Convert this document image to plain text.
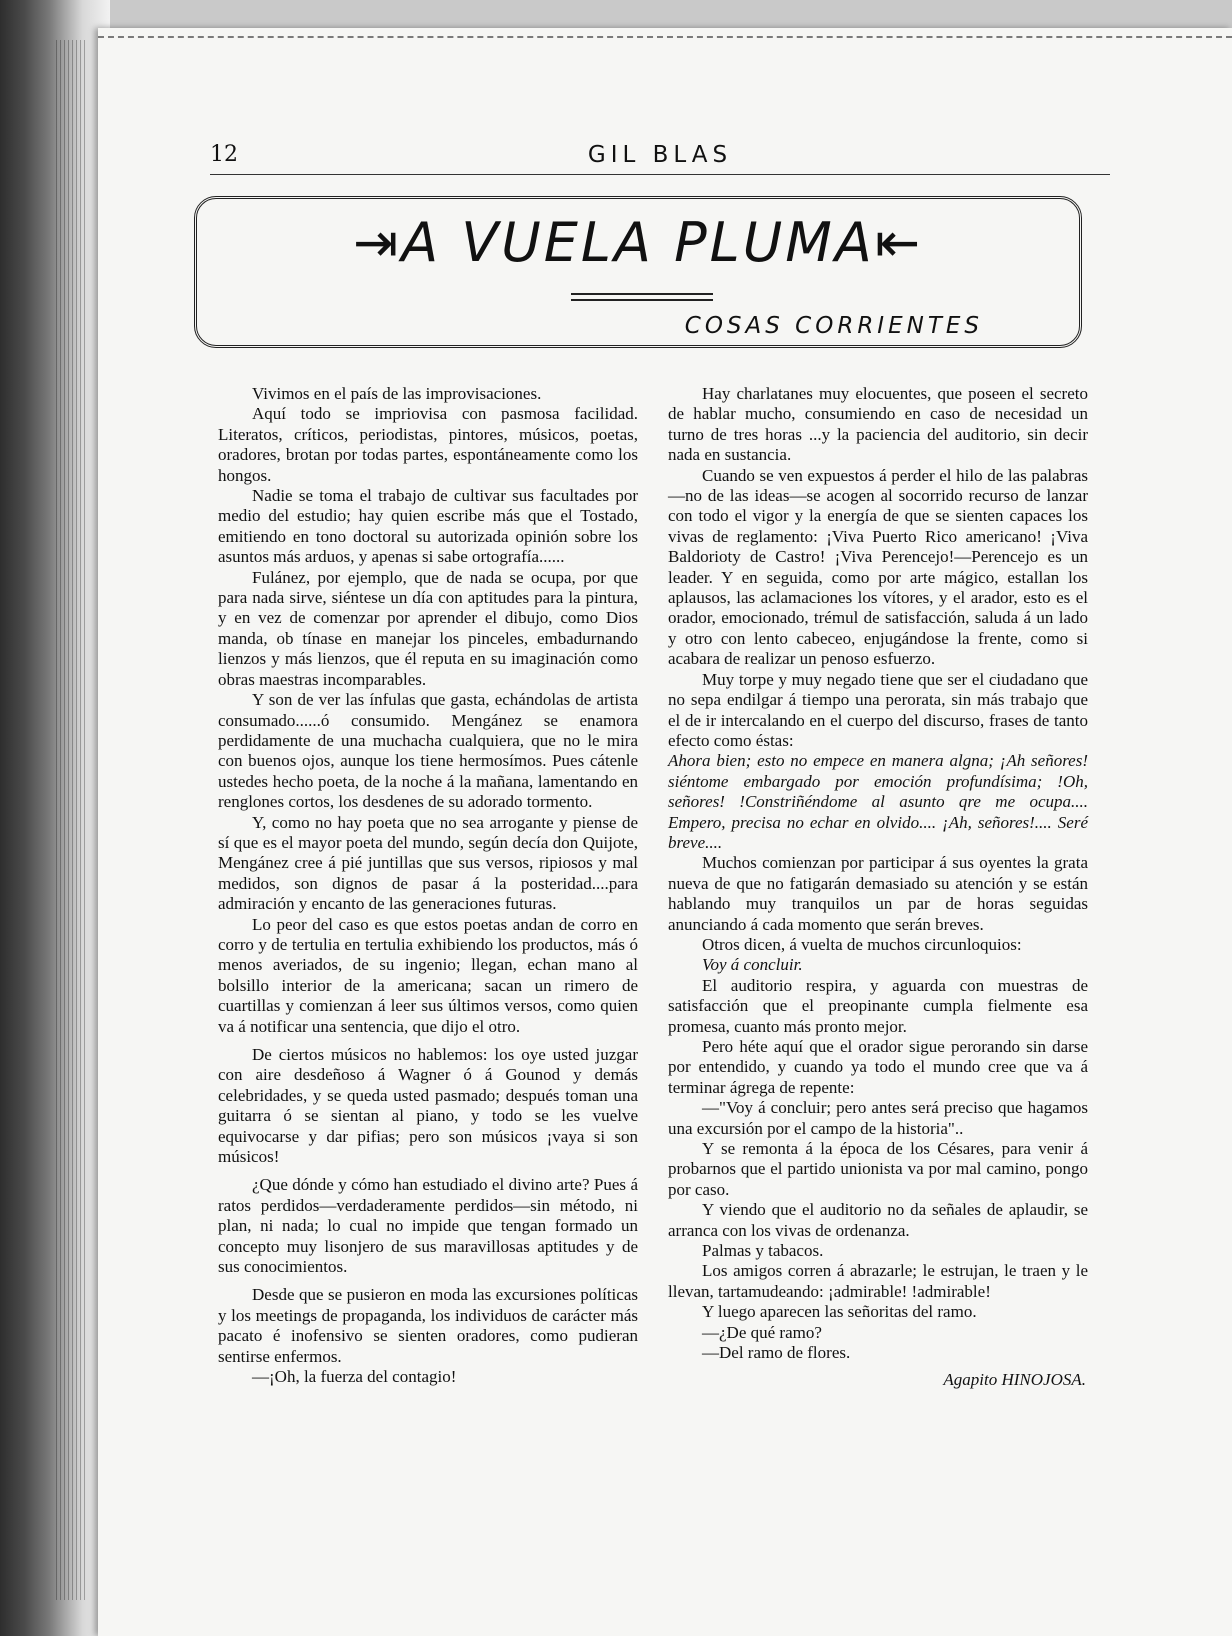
12	GIL BLAS
⇥A VUELA PLUMA⇤
COSAS CORRIENTES

Vivimos en el país de las improvisaciones.

Aquí todo se impriovisa con pasmosa facilidad. Literatos, críticos, periodistas, pintores, músicos, poetas, oradores, brotan por todas partes, espontáneamente como los hongos.

Nadie se toma el trabajo de cultivar sus facultades por medio del estudio; hay quien escribe más que el Tostado, emitiendo en tono doctoral su autorizada opinión sobre los asuntos más arduos, y apenas si sabe ortografía......

Fulánez, por ejemplo, que de nada se ocupa, por que para nada sirve, siéntese un día con aptitudes para la pintura, y en vez de comenzar por aprender el dibujo, como Dios manda, ob tínase en manejar los pinceles, embadurnando lienzos y más lienzos, que él reputa en su imaginación como obras maestras incomparables.

Y son de ver las ínfulas que gasta, echándolas de artista consumado......ó consumido. Mengánez se enamora perdidamente de una muchacha cualquiera, que no le mira con buenos ojos, aunque los tiene hermosímos. Pues cátenle ustedes hecho poeta, de la noche á la mañana, lamentando en renglones cortos, los desdenes de su adorado tormento.

Y, como no hay poeta que no sea arrogante y piense de sí que es el mayor poeta del mundo, según decía don Quijote, Mengánez cree á pié juntillas que sus versos, ripiosos y mal medidos, son dignos de pasar á la posteridad....para admiración y encanto de las generaciones futuras.

Lo peor del caso es que estos poetas andan de corro en corro y de tertulia en tertulia exhibiendo los productos, más ó menos averiados, de su ingenio; llegan, echan mano al bolsillo interior de la americana; sacan un rimero de cuartillas y comienzan á leer sus últimos versos, como quien va á notificar una sentencia, que dijo el otro.

De ciertos músicos no hablemos: los oye usted juzgar con aire desdeñoso á Wagner ó á Gounod y demás celebridades, y se queda usted pasmado; después toman una guitarra ó se sientan al piano, y todo se les vuelve equivocarse y dar pifias; pero son músicos ¡vaya si son músicos!

¿Que dónde y cómo han estudiado el divino arte? Pues á ratos perdidos—verdaderamente perdidos—sin método, ni plan, ni nada; lo cual no impide que tengan formado un concepto muy lisonjero de sus maravillosas aptitudes y de sus conocimientos.

Desde que se pusieron en moda las excursiones políticas y los meetings de propaganda, los individuos de carácter más pacato é inofensivo se sienten oradores, como pudieran sentirse enfermos.

—¡Oh, la fuerza del contagio!

Hay charlatanes muy elocuentes, que poseen el secreto de hablar mucho, consumiendo en caso de necesidad un turno de tres horas ...y la paciencia del auditorio, sin decir nada en sustancia.

Cuando se ven expuestos á perder el hilo de las palabras—no de las ideas—se acogen al socorrido recurso de lanzar con todo el vigor y la energía de que se sienten capaces los vivas de reglamento: ¡Viva Puerto Rico americano! ¡Viva Baldorioty de Castro! ¡Viva Perencejo!—Perencejo es un leader. Y en seguida, como por arte mágico, estallan los aplausos, las aclamaciones los vítores, y el arador, esto es el orador, emocionado, trémul de satisfacción, saluda á un lado y otro con lento cabeceo, enjugándose la frente, como si acabara de realizar un penoso esfuerzo.

Muy torpe y muy negado tiene que ser el ciudadano que no sepa endilgar á tiempo una perorata, sin más trabajo que el de ir intercalando en el cuerpo del discurso, frases de tanto efecto como éstas:

Ahora bien; esto no empece en manera algna; ¡Ah señores! siéntome embargado por emoción profundísima; !Oh, señores! !Constriñéndome al asunto qre me ocupa.... Empero, precisa no echar en olvido.... ¡Ah, señores!.... Seré breve....

Muchos comienzan por participar á sus oyentes la grata nueva de que no fatigarán demasiado su atención y se están hablando muy tranquilos un par de horas seguidas anunciando á cada momento que serán breves.

Otros dicen, á vuelta de muchos circunloquios:

Voy á concluir.

El auditorio respira, y aguarda con muestras de satisfacción que el preopinante cumpla fielmente esa promesa, cuanto más pronto mejor.

Pero héte aquí que el orador sigue perorando sin darse por entendido, y cuando ya todo el mundo cree que va á terminar ágrega de repente:

—"Voy á concluir; pero antes será preciso que hagamos una excursión por el campo de la historia"..

Y se remonta á la época de los Césares, para venir á probarnos que el partido unionista va por mal camino, pongo por caso.

Y viendo que el auditorio no da señales de aplaudir, se arranca con los vivas de ordenanza.

Palmas y tabacos.

Los amigos corren á abrazarle; le estrujan, le traen y le llevan, tartamudeando: ¡admirable! !admirable!

Y luego aparecen las señoritas del ramo.

—¿De qué ramo?

—Del ramo de flores.

Agapito HINOJOSA.
